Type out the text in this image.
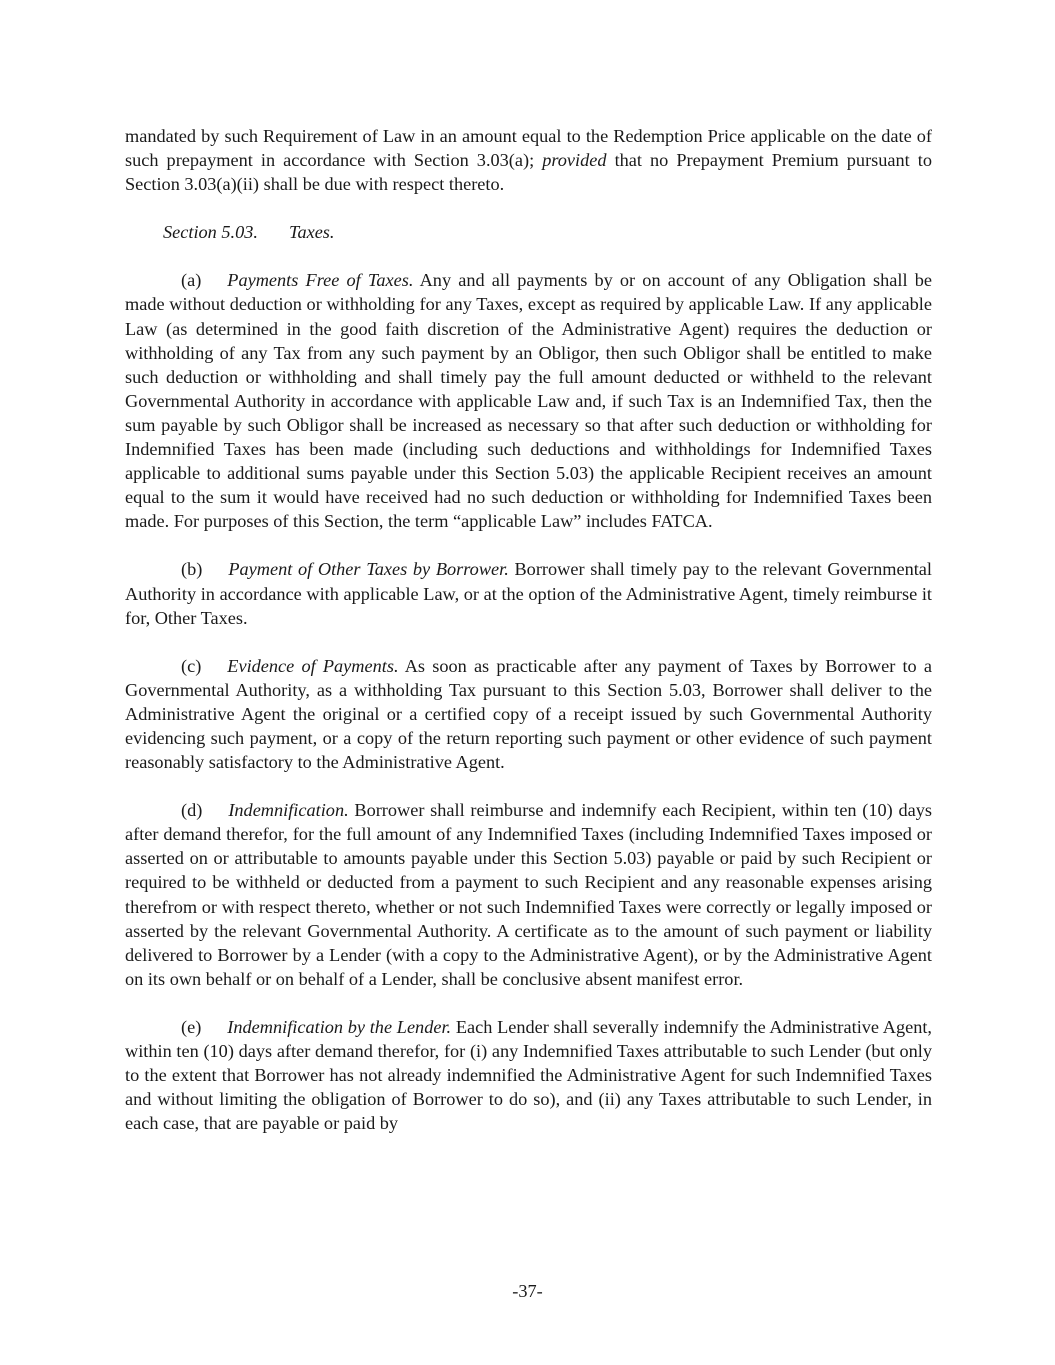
mandated by such Requirement of Law in an amount equal to the Redemption Price applicable on the date of such prepayment in accordance with Section 3.03(a); provided that no Prepayment Premium pursuant to Section 3.03(a)(ii) shall be due with respect thereto.

Section 5.03. Taxes.

(a) Payments Free of Taxes. Any and all payments by or on account of any Obligation shall be made without deduction or withholding for any Taxes, except as required by applicable Law. If any applicable Law (as determined in the good faith discretion of the Administrative Agent) requires the deduction or withholding of any Tax from any such payment by an Obligor, then such Obligor shall be entitled to make such deduction or withholding and shall timely pay the full amount deducted or withheld to the relevant Governmental Authority in accordance with applicable Law and, if such Tax is an Indemnified Tax, then the sum payable by such Obligor shall be increased as necessary so that after such deduction or withholding for Indemnified Taxes has been made (including such deductions and withholdings for Indemnified Taxes applicable to additional sums payable under this Section 5.03) the applicable Recipient receives an amount equal to the sum it would have received had no such deduction or withholding for Indemnified Taxes been made. For purposes of this Section, the term “applicable Law” includes FATCA.

(b) Payment of Other Taxes by Borrower. Borrower shall timely pay to the relevant Governmental Authority in accordance with applicable Law, or at the option of the Administrative Agent, timely reimburse it for, Other Taxes.

(c) Evidence of Payments. As soon as practicable after any payment of Taxes by Borrower to a Governmental Authority, as a withholding Tax pursuant to this Section 5.03, Borrower shall deliver to the Administrative Agent the original or a certified copy of a receipt issued by such Governmental Authority evidencing such payment, or a copy of the return reporting such payment or other evidence of such payment reasonably satisfactory to the Administrative Agent.

(d) Indemnification. Borrower shall reimburse and indemnify each Recipient, within ten (10) days after demand therefor, for the full amount of any Indemnified Taxes (including Indemnified Taxes imposed or asserted on or attributable to amounts payable under this Section 5.03) payable or paid by such Recipient or required to be withheld or deducted from a payment to such Recipient and any reasonable expenses arising therefrom or with respect thereto, whether or not such Indemnified Taxes were correctly or legally imposed or asserted by the relevant Governmental Authority. A certificate as to the amount of such payment or liability delivered to Borrower by a Lender (with a copy to the Administrative Agent), or by the Administrative Agent on its own behalf or on behalf of a Lender, shall be conclusive absent manifest error.

(e) Indemnification by the Lender. Each Lender shall severally indemnify the Administrative Agent, within ten (10) days after demand therefor, for (i) any Indemnified Taxes attributable to such Lender (but only to the extent that Borrower has not already indemnified the Administrative Agent for such Indemnified Taxes and without limiting the obligation of Borrower to do so), and (ii) any Taxes attributable to such Lender, in each case, that are payable or paid by

-37-
